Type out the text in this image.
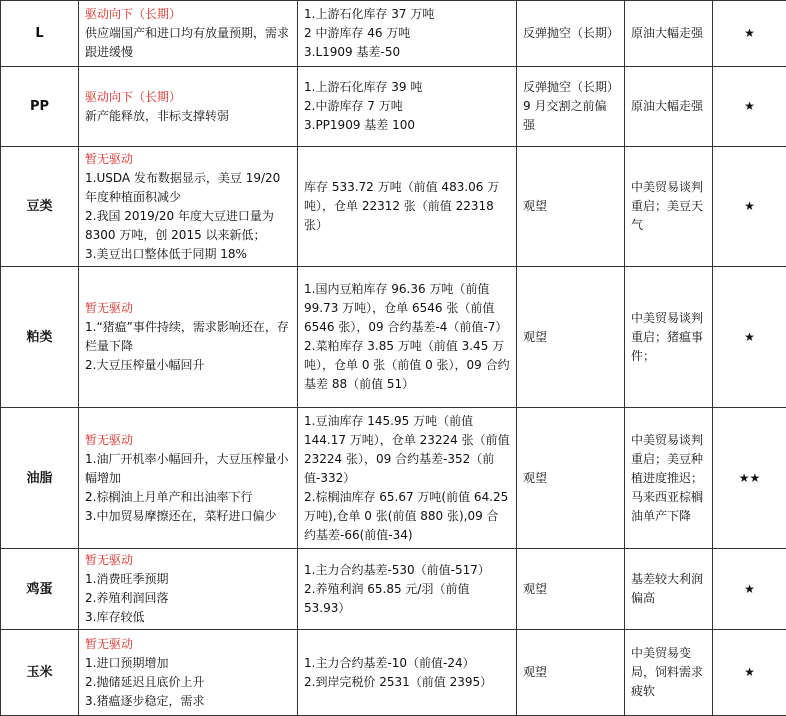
L	驱动向下（长期）
供应端国产和进口均有放量预期，需求跟进缓慢	1.上游石化库存 37 万吨
2 中游库存 46 万吨
3.L1909 基差-50	反弹抛空（长期）	原油大幅走强	★
PP	驱动向下（长期）
新产能释放，非标支撑转弱	1.上游石化库存 39 吨
2.中游库存 7 万吨
3.PP1909 基差 100	反弹抛空（长期）9 月交割之前偏强	原油大幅走强	★
豆类	暂无驱动
1.USDA 发布数据显示，美豆 19/20 年度种植面积减少
2.我国 2019/20 年度大豆进口量为 8300 万吨，创 2015 以来新低；
3.美豆出口整体低于同期 18%	库存 533.72 万吨（前值 483.06 万吨），仓单 22312 张（前值 22318 张）	观望	中美贸易谈判重启；美豆天气	★
粕类	暂无驱动
1.“猪瘟”事件持续，需求影响还在，存栏量下降
2.大豆压榨量小幅回升	1.国内豆粕库存 96.36 万吨（前值 99.73 万吨），仓单 6546 张（前值 6546 张），09 合约基差-4（前值-7）
2.菜粕库存 3.85 万吨（前值 3.45 万吨），仓单 0 张（前值 0 张），09 合约基差 88（前值 51）	观望	中美贸易谈判重启；猪瘟事件；	★
油脂	暂无驱动
1.油厂开机率小幅回升，大豆压榨量小幅增加
2.棕榈油上月单产和出油率下行
3.中加贸易摩擦还在，菜籽进口偏少	1.豆油库存 145.95 万吨（前值 144.17 万吨），仓单 23224 张（前值 23224 张），09 合约基差-352（前值-332）
2.棕榈油库存 65.67 万吨(前值 64.25 万吨),仓单 0 张(前值 880 张),09 合约基差-66(前值-34)	观望	中美贸易谈判重启；美豆种植进度推迟；马来西亚棕榈油单产下降	★★
鸡蛋	暂无驱动
1.消费旺季预期
2.养殖利润回落
3.库存较低	1.主力合约基差-530（前值-517）
2.养殖利润 65.85 元/羽（前值 53.93）	观望	基差较大利润偏高	★
玉米	暂无驱动
1.进口预期增加
2.抛储延迟且底价上升
3.猪瘟逐步稳定，需求	1.主力合约基差-10（前值-24）
2.到岸完税价 2531（前值 2395）	观望	中美贸易变局，饲料需求疲软	★
